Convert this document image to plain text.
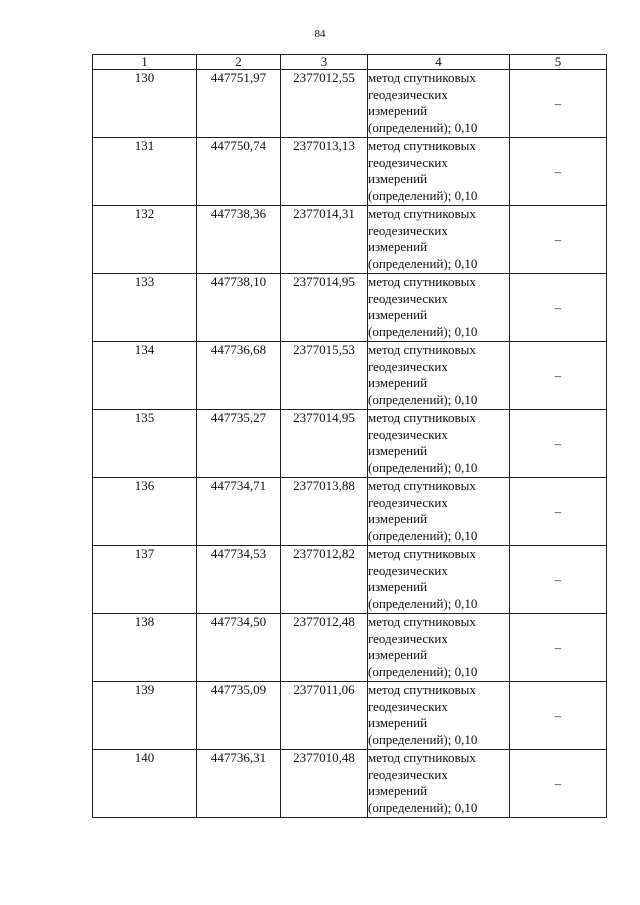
84
1	2	3	4	5
130	447751,97	2377012,55	метод спутниковых
геодезических
измерений
(определений); 0,10	–
131	447750,74	2377013,13	метод спутниковых
геодезических
измерений
(определений); 0,10	–
132	447738,36	2377014,31	метод спутниковых
геодезических
измерений
(определений); 0,10	–
133	447738,10	2377014,95	метод спутниковых
геодезических
измерений
(определений); 0,10	–
134	447736,68	2377015,53	метод спутниковых
геодезических
измерений
(определений); 0,10	–
135	447735,27	2377014,95	метод спутниковых
геодезических
измерений
(определений); 0,10	–
136	447734,71	2377013,88	метод спутниковых
геодезических
измерений
(определений); 0,10	–
137	447734,53	2377012,82	метод спутниковых
геодезических
измерений
(определений); 0,10	–
138	447734,50	2377012,48	метод спутниковых
геодезических
измерений
(определений); 0,10	–
139	447735,09	2377011,06	метод спутниковых
геодезических
измерений
(определений); 0,10	–
140	447736,31	2377010,48	метод спутниковых
геодезических
измерений
(определений); 0,10	–
